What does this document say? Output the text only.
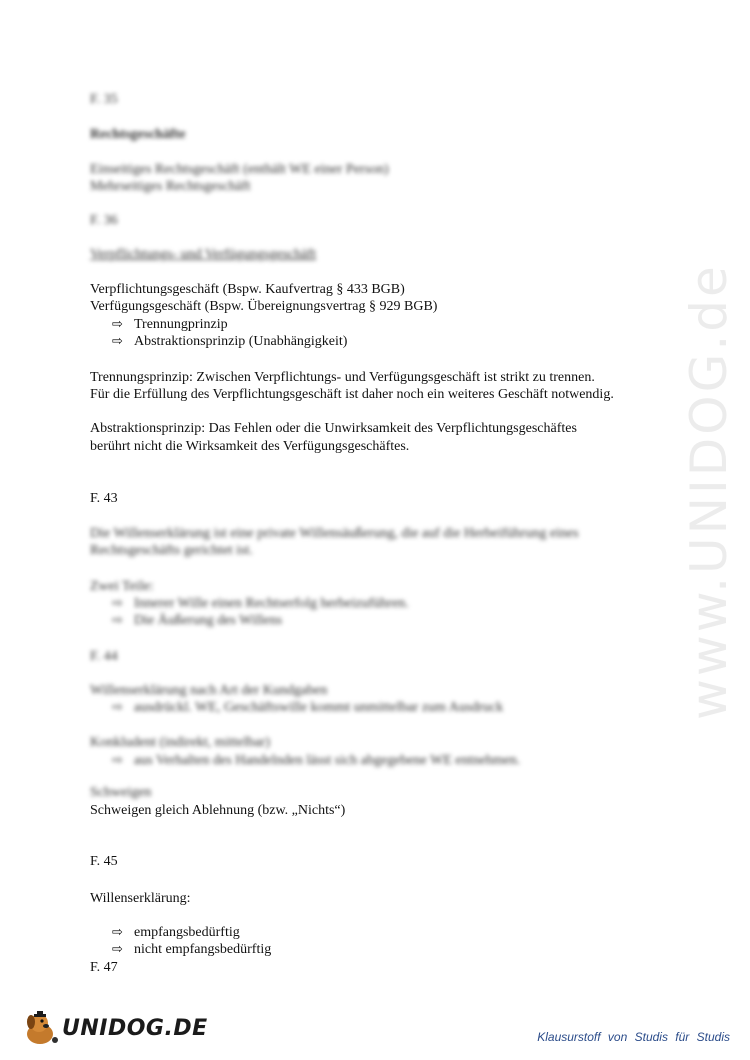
www.UNIDOG.de
F. 35
Rechtsgeschäfte
Einseitiges Rechtsgeschäft (enthält WE einer Person)
Mehrseitiges Rechtsgeschäft
F. 36
Verpflichtungs- und Verfügungsgeschäft
Verpflichtungsgeschäft (Bspw. Kaufvertrag § 433 BGB)
Verfügungsgeschäft (Bspw. Übereignungsvertrag § 929 BGB)
⇨ Trennungprinzip
⇨ Abstraktionsprinzip (Unabhängigkeit)
Trennungsprinzip: Zwischen Verpflichtungs- und Verfügungsgeschäft ist strikt zu trennen.
Für die Erfüllung des Verpflichtungsgeschäft ist daher noch ein weiteres Geschäft notwendig.
Abstraktionsprinzip: Das Fehlen oder die Unwirksamkeit des Verpflichtungsgeschäftes
berührt nicht die Wirksamkeit des Verfügungsgeschäftes.
F. 43
Die Willenserklärung ist eine private Willensäußerung, die auf die Herbeiführung eines
Rechtsgeschäfts gerichtet ist.
Zwei Teile:
⇨ Innerer Wille einen Rechtserfolg herbeizuführen.
⇨ Die Äußerung des Willens
F. 44
Willenserklärung nach Art der Kundgaben
⇨ ausdrückl. WE, Geschäftswille kommt unmittelbar zum Ausdruck
Konkludent (indirekt, mittelbar)
⇨ aus Verhalten des Handelnden lässt sich abgegebene WE entnehmen.
Schweigen
Schweigen gleich Ablehnung (bzw. „Nichts“)
F. 45
Willenserklärung:
⇨ empfangsbedürftig
⇨ nicht empfangsbedürftig
F. 47
UNIDOG.DE	Klausurstoff von Studis für Studis
